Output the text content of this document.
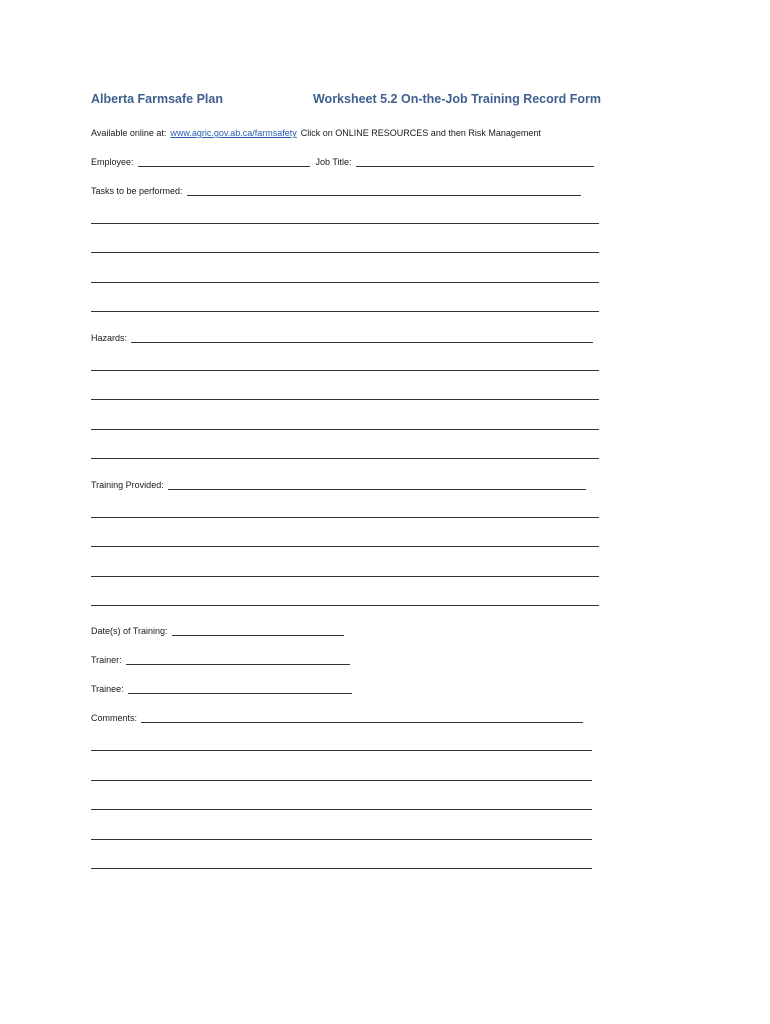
Alberta Farmsafe Plan	Worksheet 5.2 On-the-Job Training Record Form
Available online at: www.agric.gov.ab.ca/farmsafety Click on ONLINE RESOURCES and then Risk Management
Employee:	Job Title:
Tasks to be performed:
Hazards:
Training Provided:
Date(s) of Training:
Trainer:
Trainee:
Comments:
